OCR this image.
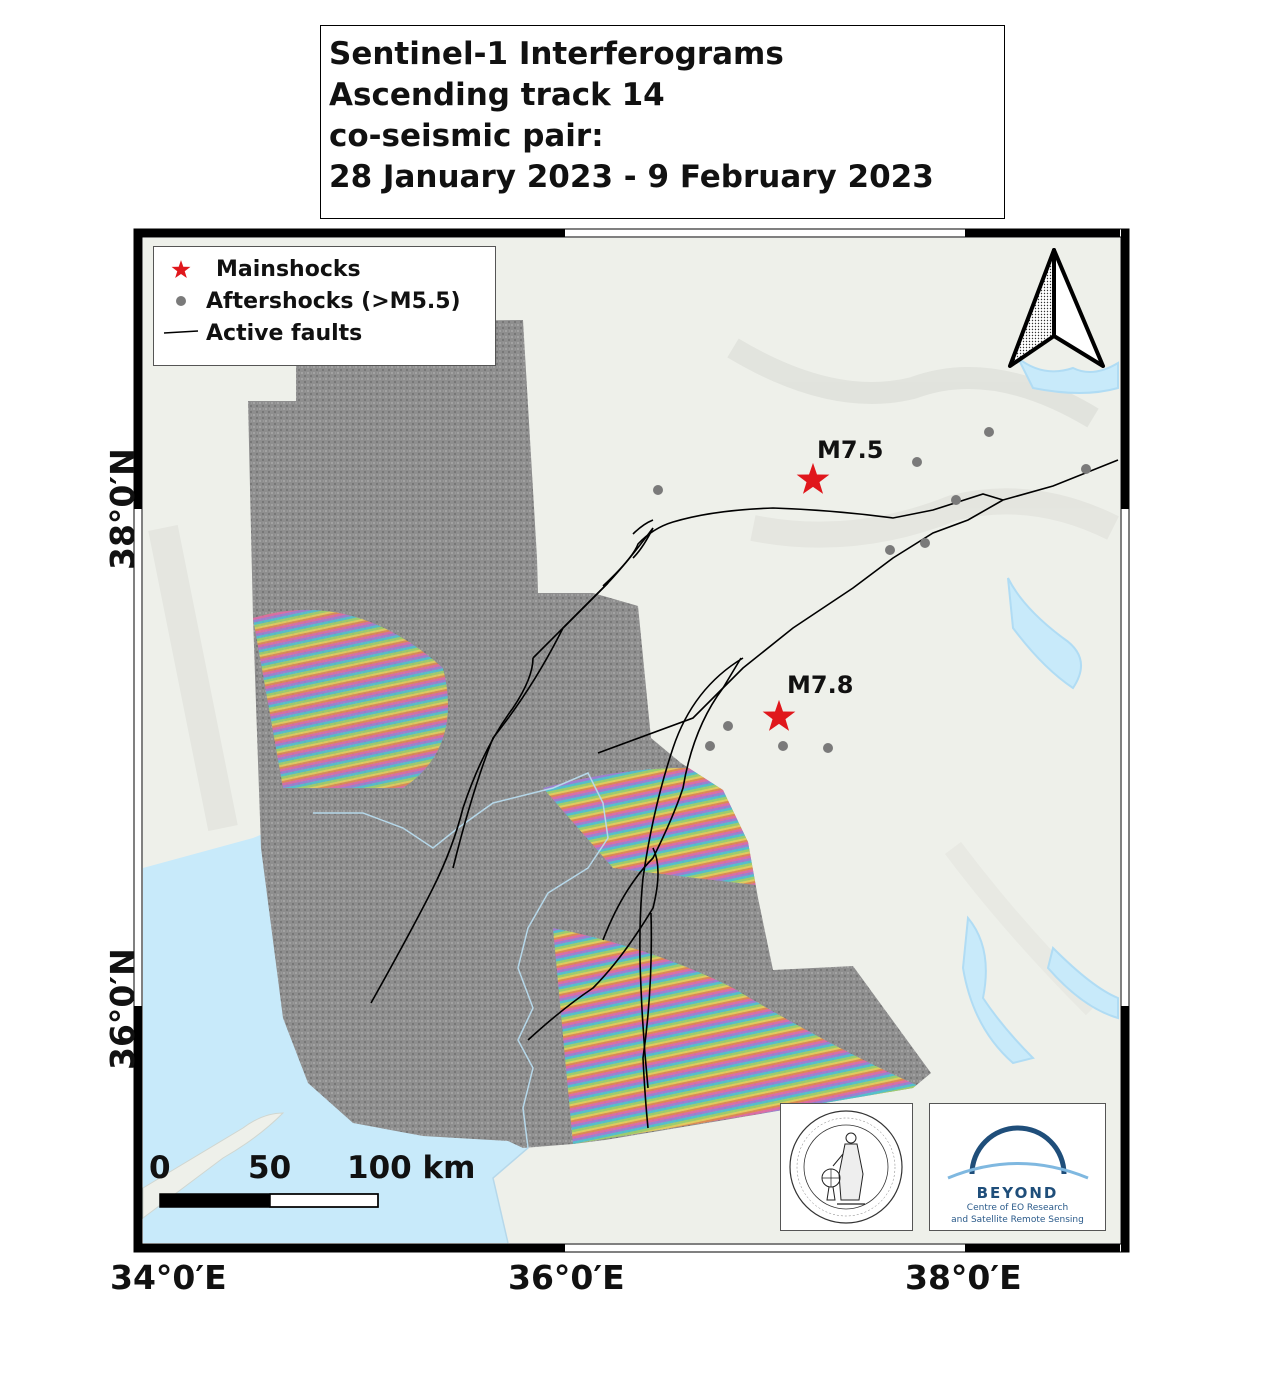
Sentinel-1 Interferograms
Ascending track 14
co-seismic pair:
28 January 2023 - 9 February 2023
38°0′N
36°0′N
34°0′E	36°0′E	38°0′E
Mainshocks
Aftershocks (>M5.5)
Active faults
M7.5
M7.8
0 50 100 km
BEYOND
Centre of EO Research
and Satellite Remote Sensing
